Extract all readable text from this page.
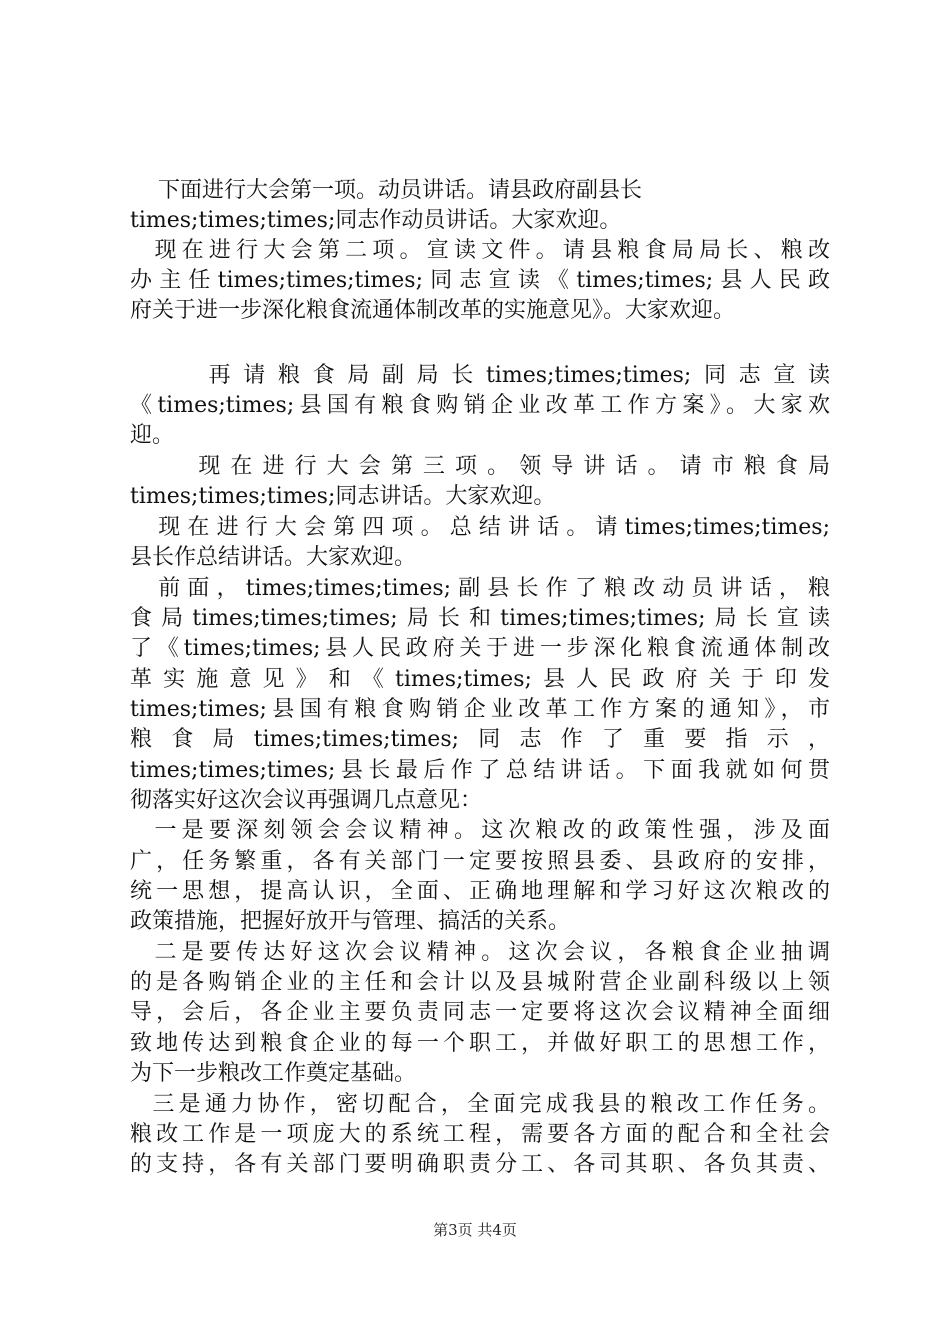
下面进行大会第一项。动员讲话。请县政府副县长
times;times;times;同志作动员讲话。大家欢迎。
现在进行大会第二项。宣读文件。请县粮食局局长、粮改
办主任times;times;times;同志宣读《times;times;县人民政
府关于进一步深化粮食流通体制改革的实施意见》。大家欢迎。
再请粮食局副局长times;times;times;同志宣读
《times;times;县国有粮食购销企业改革工作方案》。大家欢
迎。
现在进行大会第三项。领导讲话。请市粮食局
times;times;times;同志讲话。大家欢迎。
现在进行大会第四项。总结讲话。请times;times;times;
县长作总结讲话。大家欢迎。
前面，times;times;times;副县长作了粮改动员讲话，粮
食局times;times;times;局长和times;times;times;局长宣读
了《times;times;县人民政府关于进一步深化粮食流通体制改
革实施意见》和《times;times;县人民政府关于印发
times;times;县国有粮食购销企业改革工作方案的通知》，市
粮食局times;times;times;同志作了重要指示，
times;times;times;县长最后作了总结讲话。下面我就如何贯
彻落实好这次会议再强调几点意见：
一是要深刻领会会议精神。这次粮改的政策性强，涉及面
广，任务繁重，各有关部门一定要按照县委、县政府的安排，
统一思想，提高认识，全面、正确地理解和学习好这次粮改的
政策措施，把握好放开与管理、搞活的关系。
二是要传达好这次会议精神。这次会议，各粮食企业抽调
的是各购销企业的主任和会计以及县城附营企业副科级以上领
导，会后，各企业主要负责同志一定要将这次会议精神全面细
致地传达到粮食企业的每一个职工，并做好职工的思想工作，
为下一步粮改工作奠定基础。
三是通力协作，密切配合，全面完成我县的粮改工作任务。
粮改工作是一项庞大的系统工程，需要各方面的配合和全社会
的支持，各有关部门要明确职责分工、各司其职、各负其责、
第3页 共4页
